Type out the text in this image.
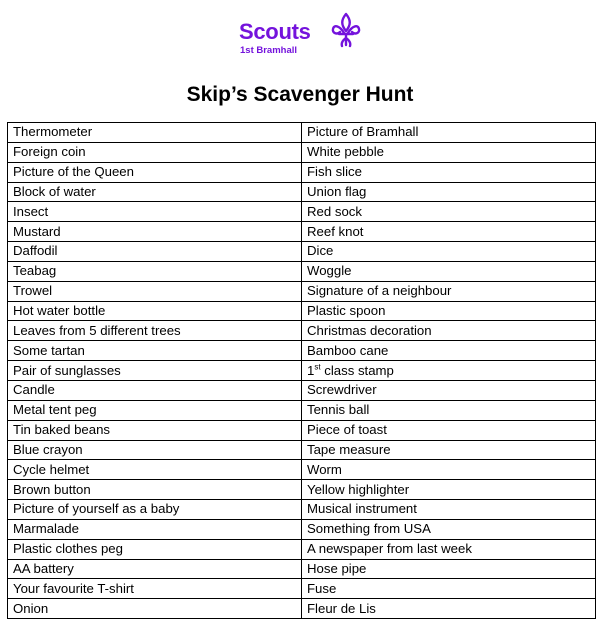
Scouts
1st Bramhall
Skip’s Scavenger Hunt
Thermometer	Picture of Bramhall
Foreign coin	White pebble
Picture of the Queen	Fish slice
Block of water	Union flag
Insect	Red sock
Mustard	Reef knot
Daffodil	Dice
Teabag	Woggle
Trowel	Signature of a neighbour
Hot water bottle	Plastic spoon
Leaves from 5 different trees	Christmas decoration
Some tartan	Bamboo cane
Pair of sunglasses	1st class stamp
Candle	Screwdriver
Metal tent peg	Tennis ball
Tin baked beans	Piece of toast
Blue crayon	Tape measure
Cycle helmet	Worm
Brown button	Yellow highlighter
Picture of yourself as a baby	Musical instrument
Marmalade	Something from USA
Plastic clothes peg	A newspaper from last week
AA battery	Hose pipe
Your favourite T-shirt	Fuse
Onion	Fleur de Lis
